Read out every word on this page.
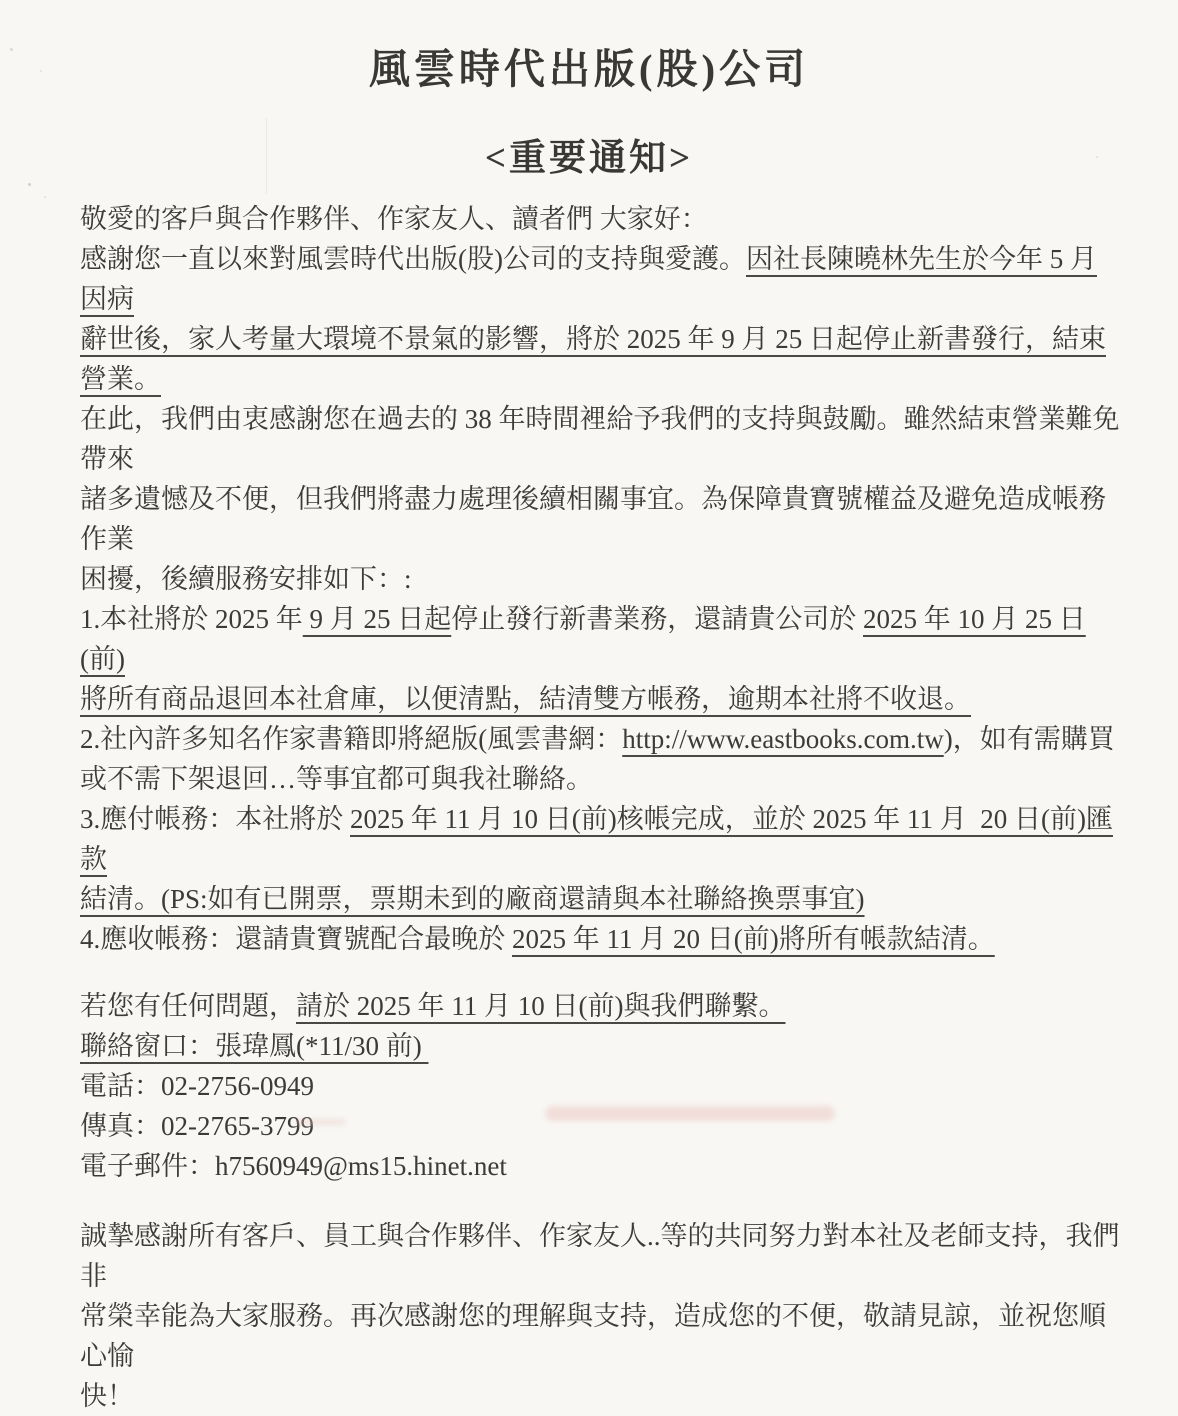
風雲時代出版(股)公司
<重要通知>
敬愛的客戶與合作夥伴、作家友人、讀者們 大家好：
感謝您一直以來對風雲時代出版(股)公司的支持與愛護。因社長陳曉林先生於今年 5 月因病
辭世後，家人考量大環境不景氣的影響，將於 2025 年 9 月 25 日起停止新書發行，結束營業。
在此，我們由衷感謝您在過去的 38 年時間裡給予我們的支持與鼓勵。雖然結束營業難免帶來
諸多遺憾及不便，但我們將盡力處理後續相關事宜。為保障貴寶號權益及避免造成帳務作業
困擾，後續服務安排如下：:
1.本社將於 2025 年 9 月 25 日起停止發行新書業務，還請貴公司於 2025 年 10 月 25 日(前)
將所有商品退回本社倉庫，以便清點，結清雙方帳務，逾期本社將不收退。
2.社內許多知名作家書籍即將絕版(風雲書網：http://www.eastbooks.com.tw)，如有需購買
或不需下架退回…等事宜都可與我社聯絡。
3.應付帳務：本社將於 2025 年 11 月 10 日(前)核帳完成，並於 2025 年 11 月  20 日(前)匯款
結清。(PS:如有已開票，票期未到的廠商還請與本社聯絡換票事宜)
4.應收帳務：還請貴寶號配合最晚於 2025 年 11 月 20 日(前)將所有帳款結清。
若您有任何問題，請於 2025 年 11 月 10 日(前)與我們聯繫。
聯絡窗口：張瑋鳳(*11/30 前)
電話：02-2756-0949
傳真：02-2765-3799
電子郵件：h7560949@ms15.hinet.net
誠摯感謝所有客戶、員工與合作夥伴、作家友人..等的共同努力對本社及老師支持，我們非
常榮幸能為大家服務。再次感謝您的理解與支持，造成您的不便，敬請見諒，並祝您順心愉
快！
